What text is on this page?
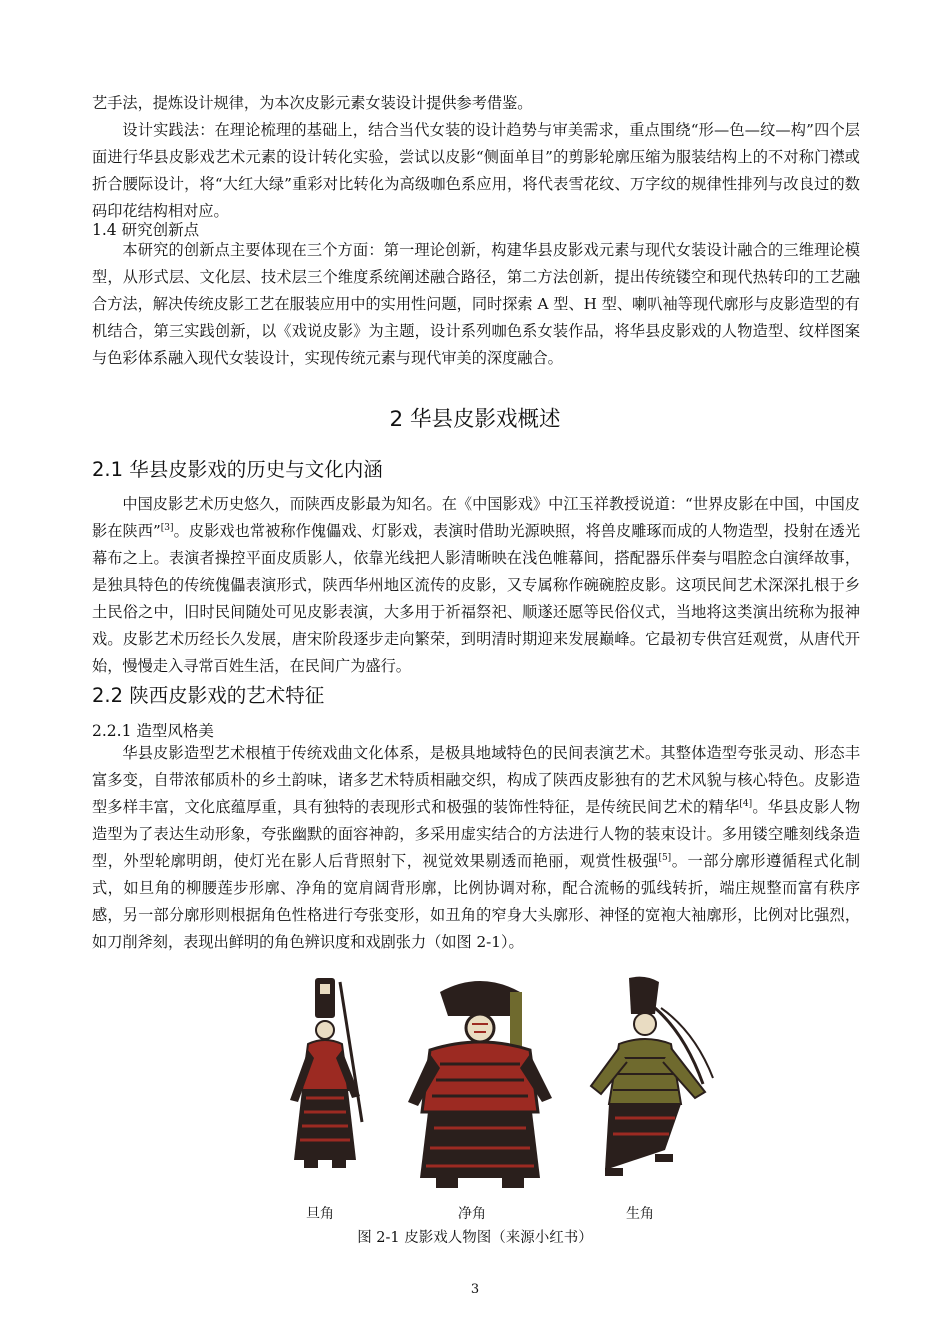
艺手法，提炼设计规律，为本次皮影元素女装设计提供参考借鉴。

设计实践法：在理论梳理的基础上，结合当代女装的设计趋势与审美需求，重点围绕“形—色—纹—构”四个层面进行华县皮影戏艺术元素的设计转化实验，尝试以皮影“侧面单目”的剪影轮廓压缩为服装结构上的不对称门襟或折合腰际设计，将“大红大绿”重彩对比转化为高级咖色系应用，将代表雪花纹、万字纹的规律性排列与改良过的数码印花结构相对应。

1.4 研究创新点

本研究的创新点主要体现在三个方面：第一理论创新，构建华县皮影戏元素与现代女装设计融合的三维理论模型，从形式层、文化层、技术层三个维度系统阐述融合路径，第二方法创新，提出传统镂空和现代热转印的工艺融合方法，解决传统皮影工艺在服装应用中的实用性问题，同时探索 A 型、H 型、喇叭袖等现代廓形与皮影造型的有机结合，第三实践创新，以《戏说皮影》为主题，设计系列咖色系女装作品，将华县皮影戏的人物造型、纹样图案与色彩体系融入现代女装设计，实现传统元素与现代审美的深度融合。

2 华县皮影戏概述

2.1 华县皮影戏的历史与文化内涵

中国皮影艺术历史悠久，而陕西皮影最为知名。在《中国影戏》中江玉祥教授说道：“世界皮影在中国，中国皮影在陕西”[3]。皮影戏也常被称作傀儡戏、灯影戏，表演时借助光源映照，将兽皮雕琢而成的人物造型，投射在透光幕布之上。表演者操控平面皮质影人，依靠光线把人影清晰映在浅色帷幕间，搭配器乐伴奏与唱腔念白演绎故事，是独具特色的传统傀儡表演形式，陕西华州地区流传的皮影，又专属称作碗碗腔皮影。这项民间艺术深深扎根于乡土民俗之中，旧时民间随处可见皮影表演，大多用于祈福祭祀、顺遂还愿等民俗仪式，当地将这类演出统称为报神戏。皮影艺术历经长久发展，唐宋阶段逐步走向繁荣，到明清时期迎来发展巅峰。它最初专供宫廷观赏，从唐代开始，慢慢走入寻常百姓生活，在民间广为盛行。

2.2 陕西皮影戏的艺术特征

2.2.1 造型风格美

华县皮影造型艺术根植于传统戏曲文化体系，是极具地域特色的民间表演艺术。其整体造型夸张灵动、形态丰富多变，自带浓郁质朴的乡土韵味，诸多艺术特质相融交织，构成了陕西皮影独有的艺术风貌与核心特色。皮影造型多样丰富，文化底蕴厚重，具有独特的表现形式和极强的装饰性特征，是传统民间艺术的精华[4]。华县皮影人物造型为了表达生动形象，夸张幽默的面容神韵，多采用虚实结合的方法进行人物的装束设计。多用镂空雕刻线条造型，外型轮廓明朗，使灯光在影人后背照射下，视觉效果剔透而艳丽，观赏性极强[5]。一部分廓形遵循程式化制式，如旦角的柳腰莲步形廓、净角的宽肩阔背形廓，比例协调对称，配合流畅的弧线转折，端庄规整而富有秩序感，另一部分廓形则根据角色性格进行夸张变形，如丑角的窄身大头廓形、神怪的宽袍大袖廓形，比例对比强烈，如刀削斧刻，表现出鲜明的角色辨识度和戏剧张力（如图 2-1）。

旦角	净角	生角
图 2-1 皮影戏人物图（来源小红书）
3
